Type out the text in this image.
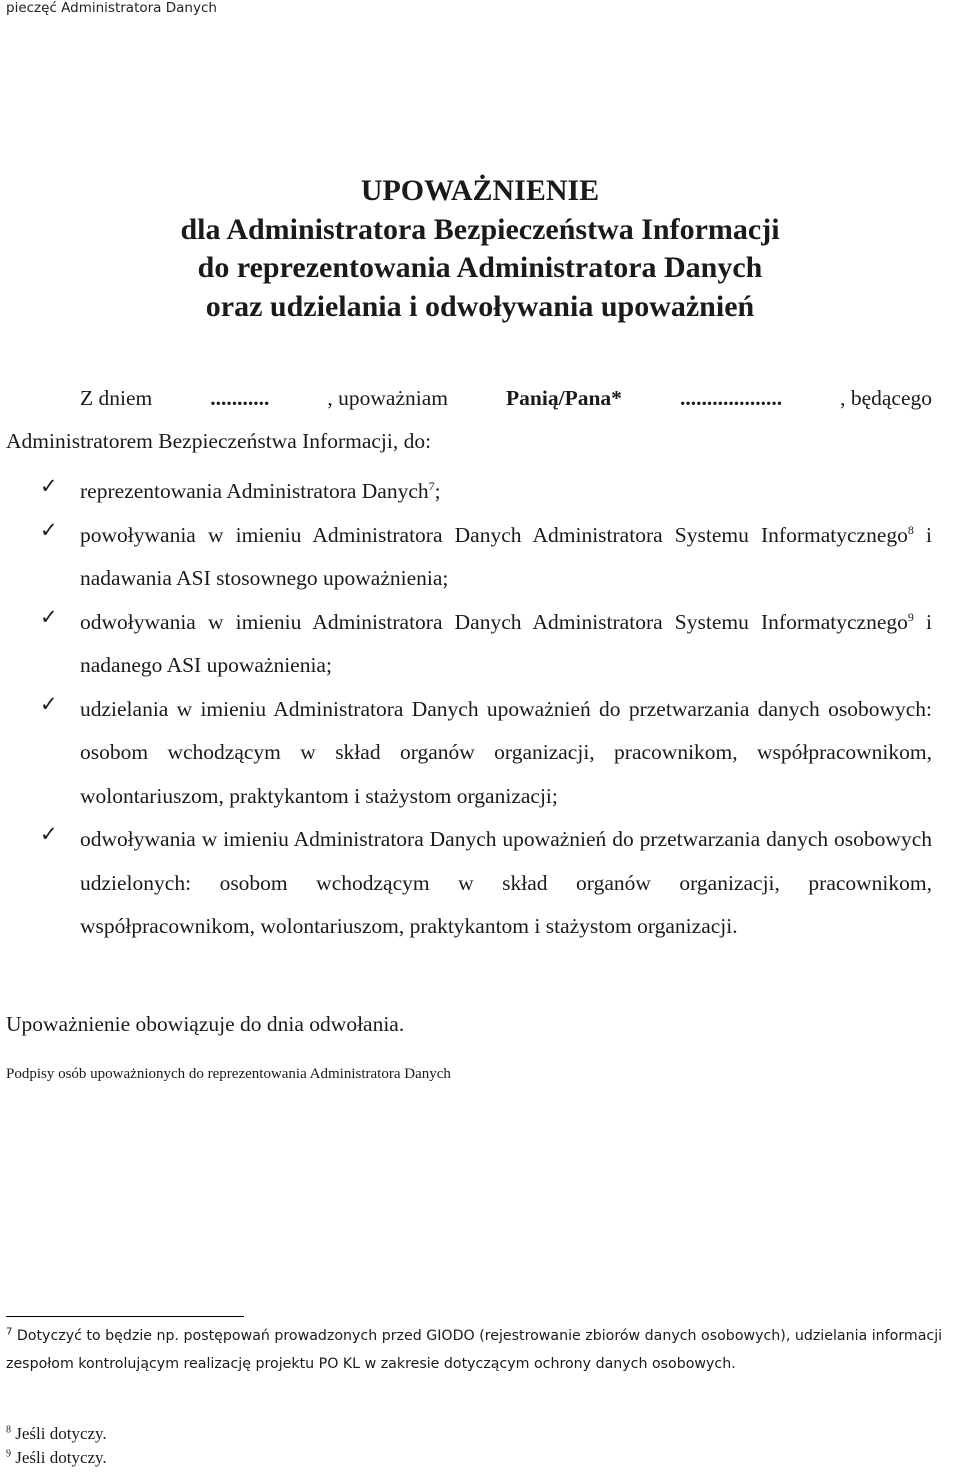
pieczęć Administratora Danych
UPOWAŻNIENIE
dla Administratora Bezpieczeństwa Informacji
do reprezentowania Administratora Danych
oraz udzielania i odwoływania upoważnień
Z dniem	...........	, upoważniam	Panią/Pana*	...................	, będącego
Administratorem Bezpieczeństwa Informacji, do:
✓ reprezentowania Administratora Danych$^7$;

✓ powoływania w imieniu Administratora Danych Administratora Systemu Informatycznego$^8$ i nadawania ASI stosownego upoważnienia;

✓ odwoływania w imieniu Administratora Danych Administratora Systemu Informatycznego$^9$ i nadanego ASI upoważnienia;

✓ udzielania w imieniu Administratora Danych upoważnień do przetwarzania danych osobowych: osobom wchodzącym w skład organów organizacji, pracownikom, współpracownikom, wolontariuszom, praktykantom i stażystom organizacji;

✓ odwoływania w imieniu Administratora Danych upoważnień do przetwarzania danych osobowych udzielonych: osobom wchodzącym w skład organów organizacji, pracownikom, współpracownikom, wolontariuszom, praktykantom i stażystom organizacji.

Upoważnienie obowiązuje do dnia odwołania.
Podpisy osób upoważnionych do reprezentowania Administratora Danych
$^7$ Dotyczyć to będzie np. postępowań prowadzonych przed GIODO (rejestrowanie zbiorów danych osobowych), udzielania informacji zespołom kontrolującym realizację projektu PO KL w zakresie dotyczącym ochrony danych osobowych.
$^8$ Jeśli dotyczy.
$^9$ Jeśli dotyczy.
